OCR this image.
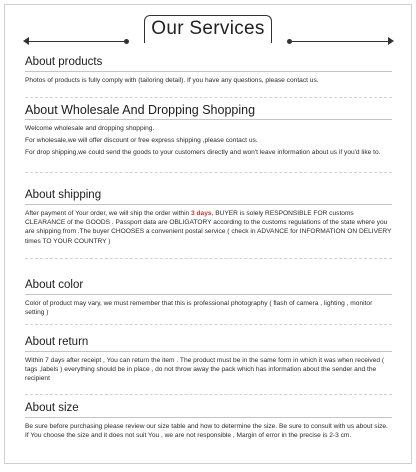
Our Services
About products

Photos of products is fully comply with (tailoring detail). If you have any questions, please contact us.

About Wholesale And Dropping Shopping

Welcome wholesale and dropping shopping.

For wholesale,we will offer discount or free express shipping ,please contact us.

For drop shipping,we could send the goods to your customers directly and won't leave information about us if you'd like to.

About shipping

After payment of Your order, we will ship the order within 3 days, BUYER is solely RESPONSIBLE FOR customs CLEARANCE of the GOODS . Passport data are OBLIGATORY according to the customs regulations of the state where you are shipping from .The buyer CHOOSES a convenient postal service ( check in ADVANCE for INFORMATION ON DELIVERY times TO YOUR COUNTRY )

About color

Color of product may vary, we must remember that this is professional photography ( flash of camera , lighting , monitor setting )

About return

Within 7 days after receipt , You can return the item . The product must be in the same form in which it was when received ( tags ,labels ) everything should be in place , do not throw away the pack which has information about the sender and the recipient

About size

Be sure before purchasing please review our size table and how to determine the size. Be sure to consult with us about size. If You choose the size and it does not suit You , we are not responsible , Margin of error in the precise is 2-3 cm.
